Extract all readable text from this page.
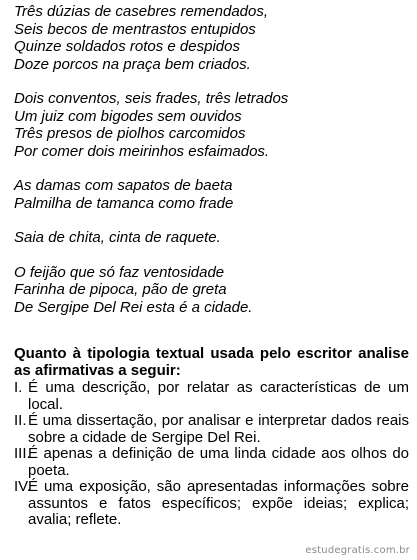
Três dúzias de casebres remendados,
Seis becos de mentrastos entupidos
Quinze soldados rotos e despidos
Doze porcos na praça bem criados.
Dois conventos, seis frades, três letrados
Um juiz com bigodes sem ouvidos
Três presos de piolhos carcomidos
Por comer dois meirinhos esfaimados.
As damas com sapatos de baeta
Palmilha de tamanca como frade
Saia de chita, cinta de raquete.
O feijão que só faz ventosidade
Farinha de pipoca, pão de greta
De Sergipe Del Rei esta é a cidade.

Quanto à tipologia textual usada pelo escritor analise as afirmativas a seguir:

I. É uma descrição, por relatar as características de um local.
II. É uma dissertação, por analisar e interpretar dados reais sobre a cidade de Sergipe Del Rei.
III.
É apenas a definição de uma linda cidade aos olhos do poeta.
IV.
É uma exposição, são apresentadas informações sobre assuntos e fatos específicos; expõe ideias; explica; avalia; reflete.
estudegratis.com.br
